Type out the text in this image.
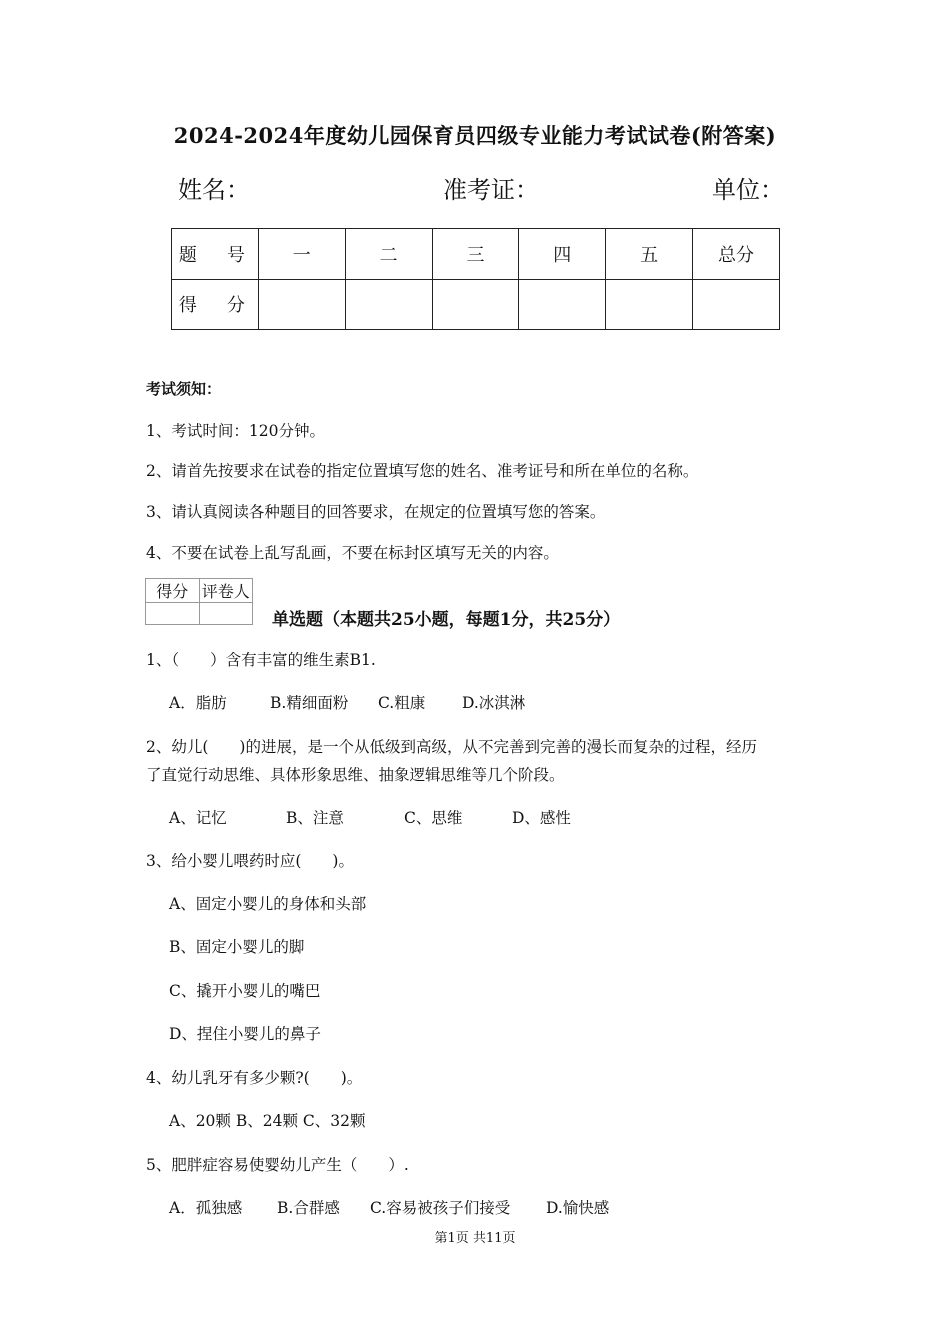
2024-2024年度幼儿园保育员四级专业能力考试试卷(附答案)
姓名：	准考证：	单位：
题　号	一	二	三	四	五	总分
得　分						
考试须知：
1、考试时间：120分钟。
2、请首先按要求在试卷的指定位置填写您的姓名、准考证号和所在单位的名称。
3、请认真阅读各种题目的回答要求，在规定的位置填写您的答案。
4、不要在试卷上乱写乱画，不要在标封区填写无关的内容。
得分	评卷人

单选题（本题共25小题，每题1分，共25分）
1、（　　）含有丰富的维生素B1.
A．脂肪	B.精细面粉 C.粗康 D.冰淇淋
2、幼儿(　　)的进展，是一个从低级到高级，从不完善到完善的漫长而复杂的过程，经历
了直觉行动思维、具体形象思维、抽象逻辑思维等几个阶段。
A、记忆	B、注意	C、思维	D、感性
3、给小婴儿喂药时应(　　)。
A、固定小婴儿的身体和头部
B、固定小婴儿的脚
C、撬开小婴儿的嘴巴
D、捏住小婴儿的鼻子
4、幼儿乳牙有多少颗?(　　)。
A、20颗 B、24颗 C、32颗
5、肥胖症容易使婴幼儿产生（　　）.
A．孤独感 B.合群感 C.容易被孩子们接受 D.愉快感
第1页 共11页
